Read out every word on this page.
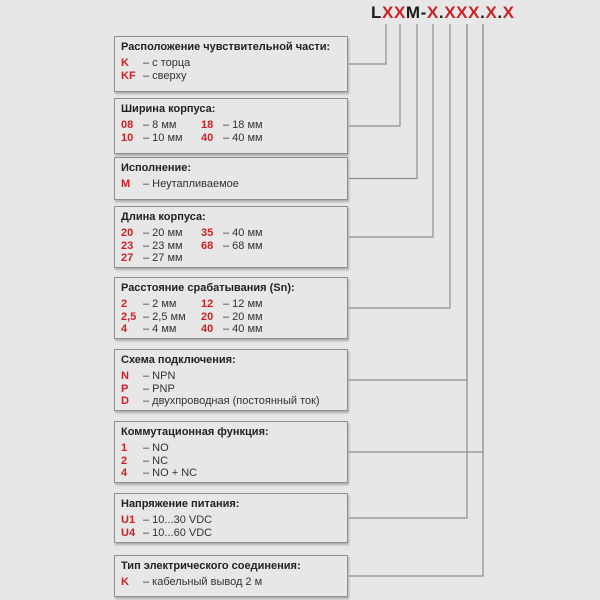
LXXM-X.XXX.X.X
Расположение чувствительной части:
K	– с торца
KF – сверху
Ширина корпуса:
08 – 8 мм 18 – 18 мм
10 – 10 мм 40 – 40 мм
Исполнение:
M	– Неутапливаемое
Длина корпуса:
20 – 20 мм 35 – 40 мм
23 – 23 мм 68 – 68 мм
27 – 27 мм
Расстояние срабатывания (Sn):
2	– 2 мм 12 – 12 мм
2,5 – 2,5 мм 20 – 20 мм
4	– 4 мм 40 – 40 мм
Схема подключения:
N	– NPN
P	– PNP
D	– двухпроводная (постоянный ток)
Коммутационная функция:
1	– NO
2	– NC
4	– NO + NC
Напряжение питания:
U1 – 10...30 VDC
U4 – 10...60 VDC
Тип электрического соединения:
K	– кабельный вывод 2 м
